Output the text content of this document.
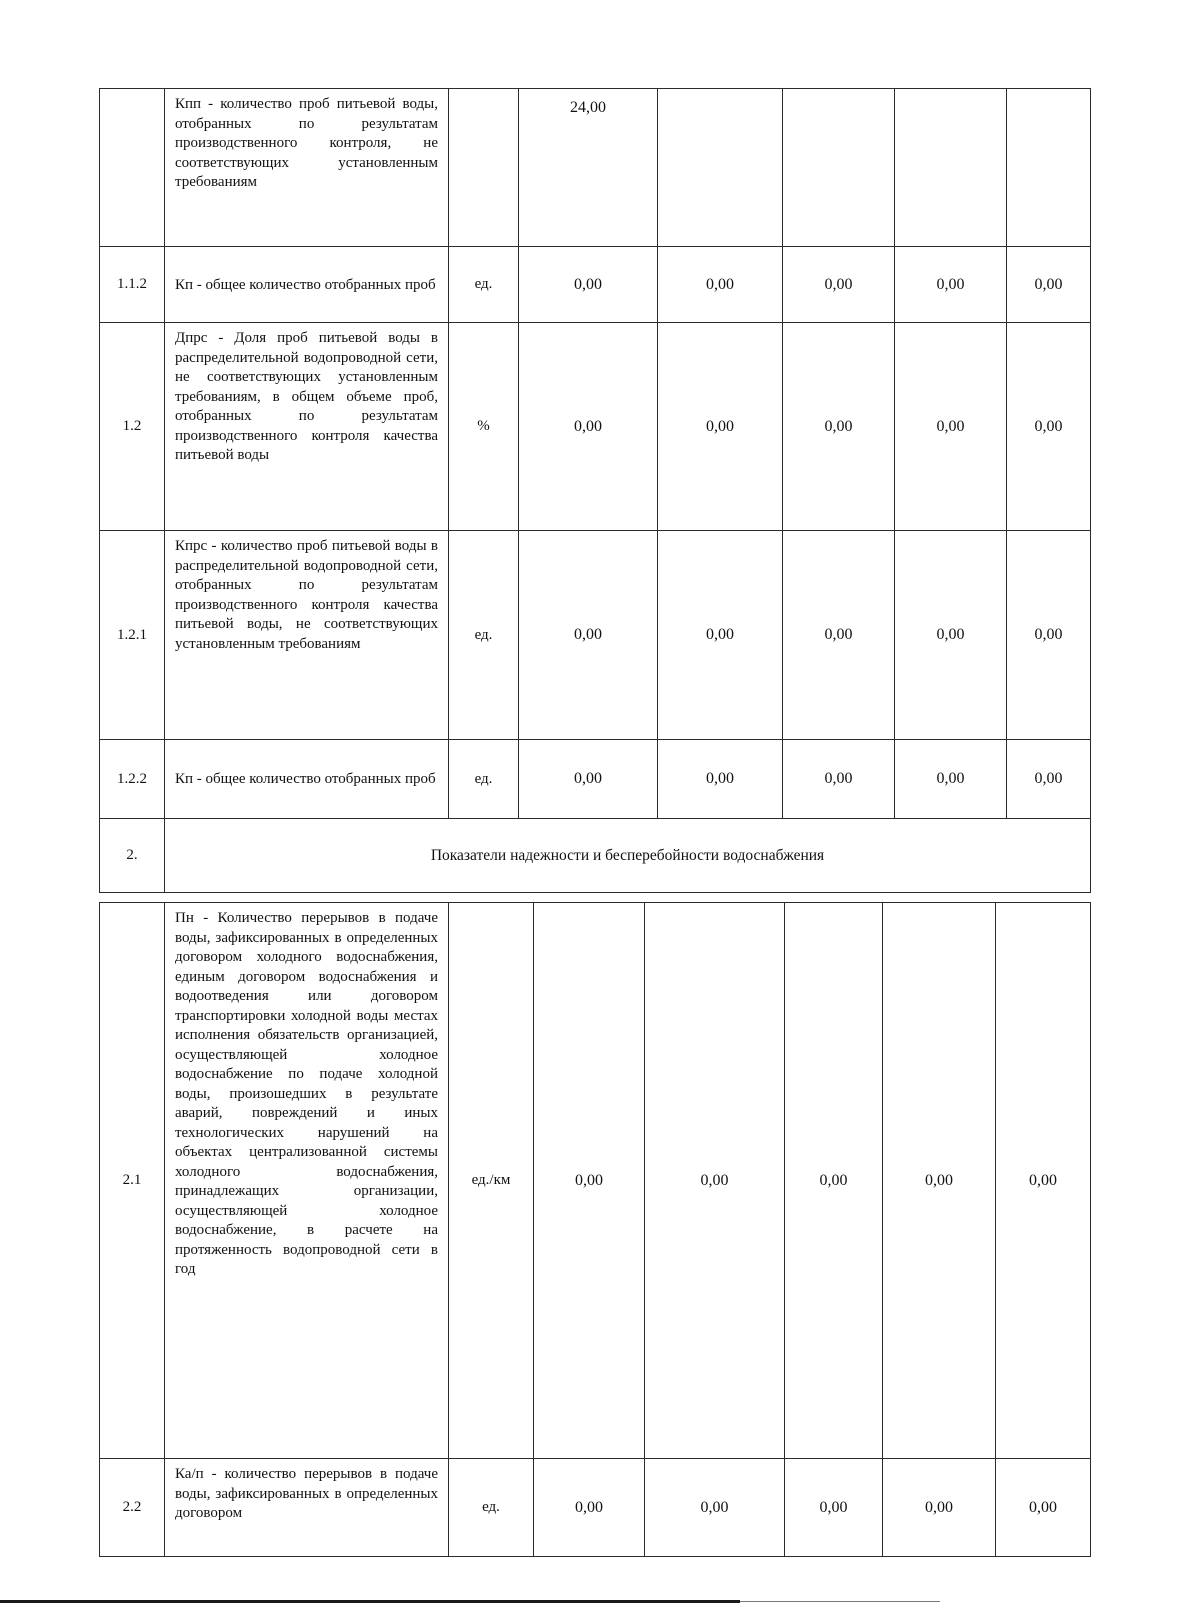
	Кпп - количество проб питьевой воды, отобранных по результатам производственного контроля, не соответствующих установленным требованиям		24,00				
1.1.2	Кп - общее количество отобранных проб	ед.	0,00	0,00	0,00	0,00	0,00
1.2	Дпрс - Доля проб питьевой воды в распределительной водопроводной сети, не соответствующих установленным требованиям, в общем объеме проб, отобранных по результатам производственного контроля качества питьевой воды	%	0,00	0,00	0,00	0,00	0,00
1.2.1	Кпрс - количество проб питьевой воды в распределительной водопроводной сети, отобранных по результатам производственного контроля качества питьевой воды, не соответствующих установленным требованиям	ед.	0,00	0,00	0,00	0,00	0,00
1.2.2	Кп - общее количество отобранных проб	ед.	0,00	0,00	0,00	0,00	0,00
2.	Показатели надежности и бесперебойности водоснабжения						
2.1	Пн - Количество перерывов в подаче воды, зафиксированных в определенных договором холодного водоснабжения, единым договором водоснабжения и водоотведения или договором транспортировки холодной воды местах исполнения обязательств организацией, осуществляющей холодное водоснабжение по подаче холодной воды, произошедших в результате аварий, повреждений и иных технологических нарушений на объектах централизованной системы холодного водоснабжения, принадлежащих организации, осуществляющей холодное водоснабжение, в расчете на протяженность водопроводной сети в год	ед./км	0,00	0,00	0,00	0,00	0,00
2.2	Ка/п - количество перерывов в подаче воды, зафиксированных в определенных договором	ед.	0,00	0,00	0,00	0,00	0,00
